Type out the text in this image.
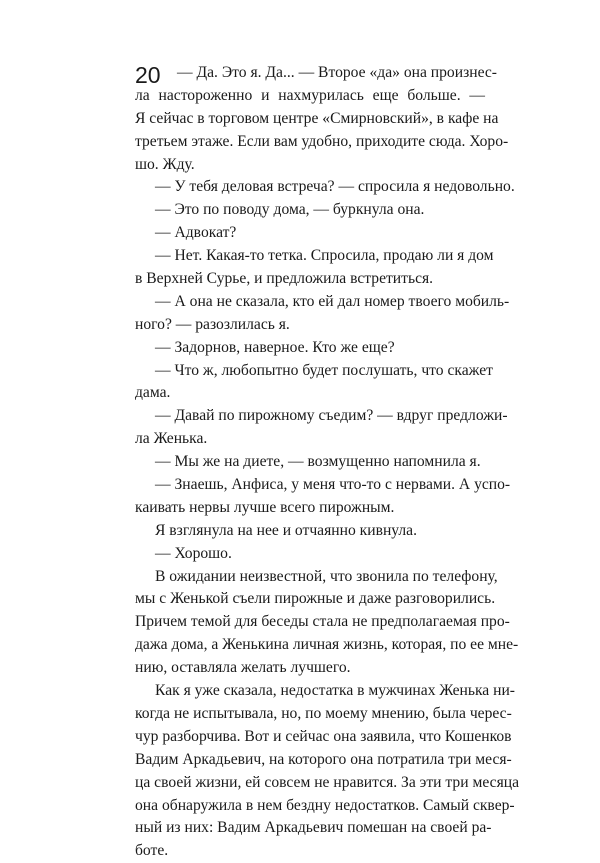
20	— Да. Это я. Да... — Второе «да» она произнес-
ла настороженно и нахмурилась еще больше. —
Я сейчас в торговом центре «Смирновский», в кафе на
третьем этаже. Если вам удобно, приходите сюда. Хоро-
шо. Жду.
— У тебя деловая встреча? — спросила я недовольно.
— Это по поводу дома, — буркнула она.
— Адвокат?
— Нет. Какая-то тетка. Спросила, продаю ли я дом
в Верхней Сурье, и предложила встретиться.
— А она не сказала, кто ей дал номер твоего мобиль-
ного? — разозлилась я.
— Задорнов, наверное. Кто же еще?
— Что ж, любопытно будет послушать, что скажет
дама.
— Давай по пирожному съедим? — вдруг предложи-
ла Женька.
— Мы же на диете, — возмущенно напомнила я.
— Знаешь, Анфиса, у меня что-то с нервами. А успо-
каивать нервы лучше всего пирожным.
Я взглянула на нее и отчаянно кивнула.
— Хорошо.
В ожидании неизвестной, что звонила по телефону,
мы с Женькой съели пирожные и даже разговорились.
Причем темой для беседы стала не предполагаемая про-
дажа дома, а Женькина личная жизнь, которая, по ее мне-
нию, оставляла желать лучшего.
Как я уже сказала, недостатка в мужчинах Женька ни-
когда не испытывала, но, по моему мнению, была черес-
чур разборчива. Вот и сейчас она заявила, что Кошенков
Вадим Аркадьевич, на которого она потратила три меся-
ца своей жизни, ей совсем не нравится. За эти три месяца
она обнаружила в нем бездну недостатков. Самый сквер-
ный из них: Вадим Аркадьевич помешан на своей ра-
боте.
